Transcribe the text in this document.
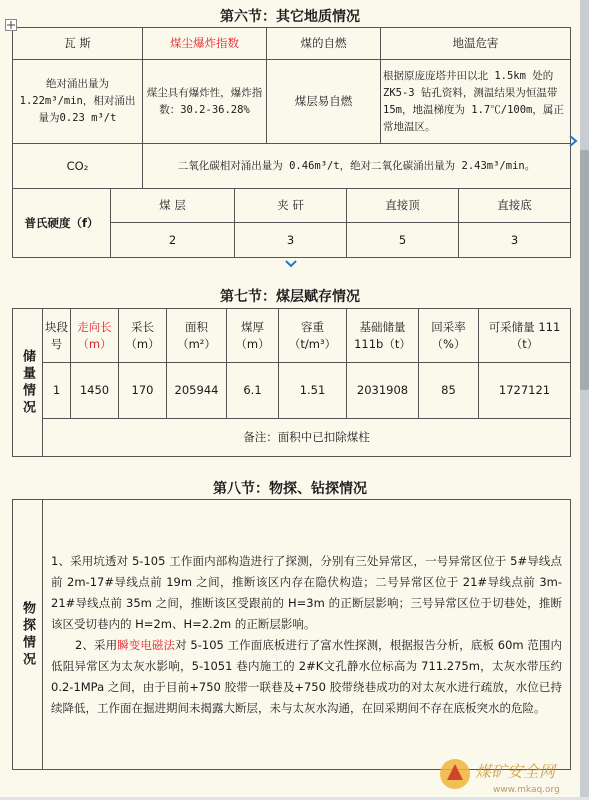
第六节：其它地质情况
瓦 斯	煤尘爆炸指数	煤的自燃	地温危害
绝对涌出量为1.22m³/min，相对涌出量为0.23 m³/t	煤尘具有爆炸性，爆炸指数：30.2-36.28%	煤层易自燃	根据原庞庞塔井田以北 1.5km 处的 ZK5-3 钻孔资料，测温结果为恒温带 15m，地温梯度为 1.7℃/100m，属正常地温区。
CO₂	二氧化碳相对涌出量为 0.46m³/t，绝对二氧化碳涌出量为 2.43m³/min。		
普氏硬度（f）	煤 层	夹 矸	直接顶	直接底
	2	3	5	3
第七节：煤层赋存情况
储量情况	块段号	走向长（m）	采长（m）	面积（m²）	煤厚（m）	容重（t/m³）	基础储量 111b（t）	回采率（%）	可采储量 111（t）
	1	1450	170	205944	6.1	1.51	2031908	85	1727121
	备注：面积中已扣除煤柱								
第八节：物探、钻探情况
物探情况	
1、采用坑透对 5-105 工作面内部构造进行了探测，分别有三处异常区，一号异常区位于 5#导线点前 2m-17#导线点前 19m 之间，推断该区内存在隐伏构造；二号异常区位于 21#导线点前 3m-21#导线点前 35m 之间，推断该区受跟前的 H=3m 的正断层影响；三号异常区位于切巷处，推断该区受切巷内的 H=2m、H=2.2m 的正断层影响。
2、采用瞬变电磁法对 5-105 工作面底板进行了富水性探测，根据报告分析，底板 60m 范围内低阻异常区为太灰水影响，5-1051 巷内施工的 2#K文孔静水位标高为 711.275m，太灰水带压约 0.2-1MPa 之间，由于目前+750 胶带一联巷及+750 胶带绕巷成功的对太灰水进行疏放，水位已持续降低，工作面在掘进期间未揭露大断层，未与太灰水沟通，在回采期间不存在底板突水的危险。
煤矿安全网
www.mkaq.org
